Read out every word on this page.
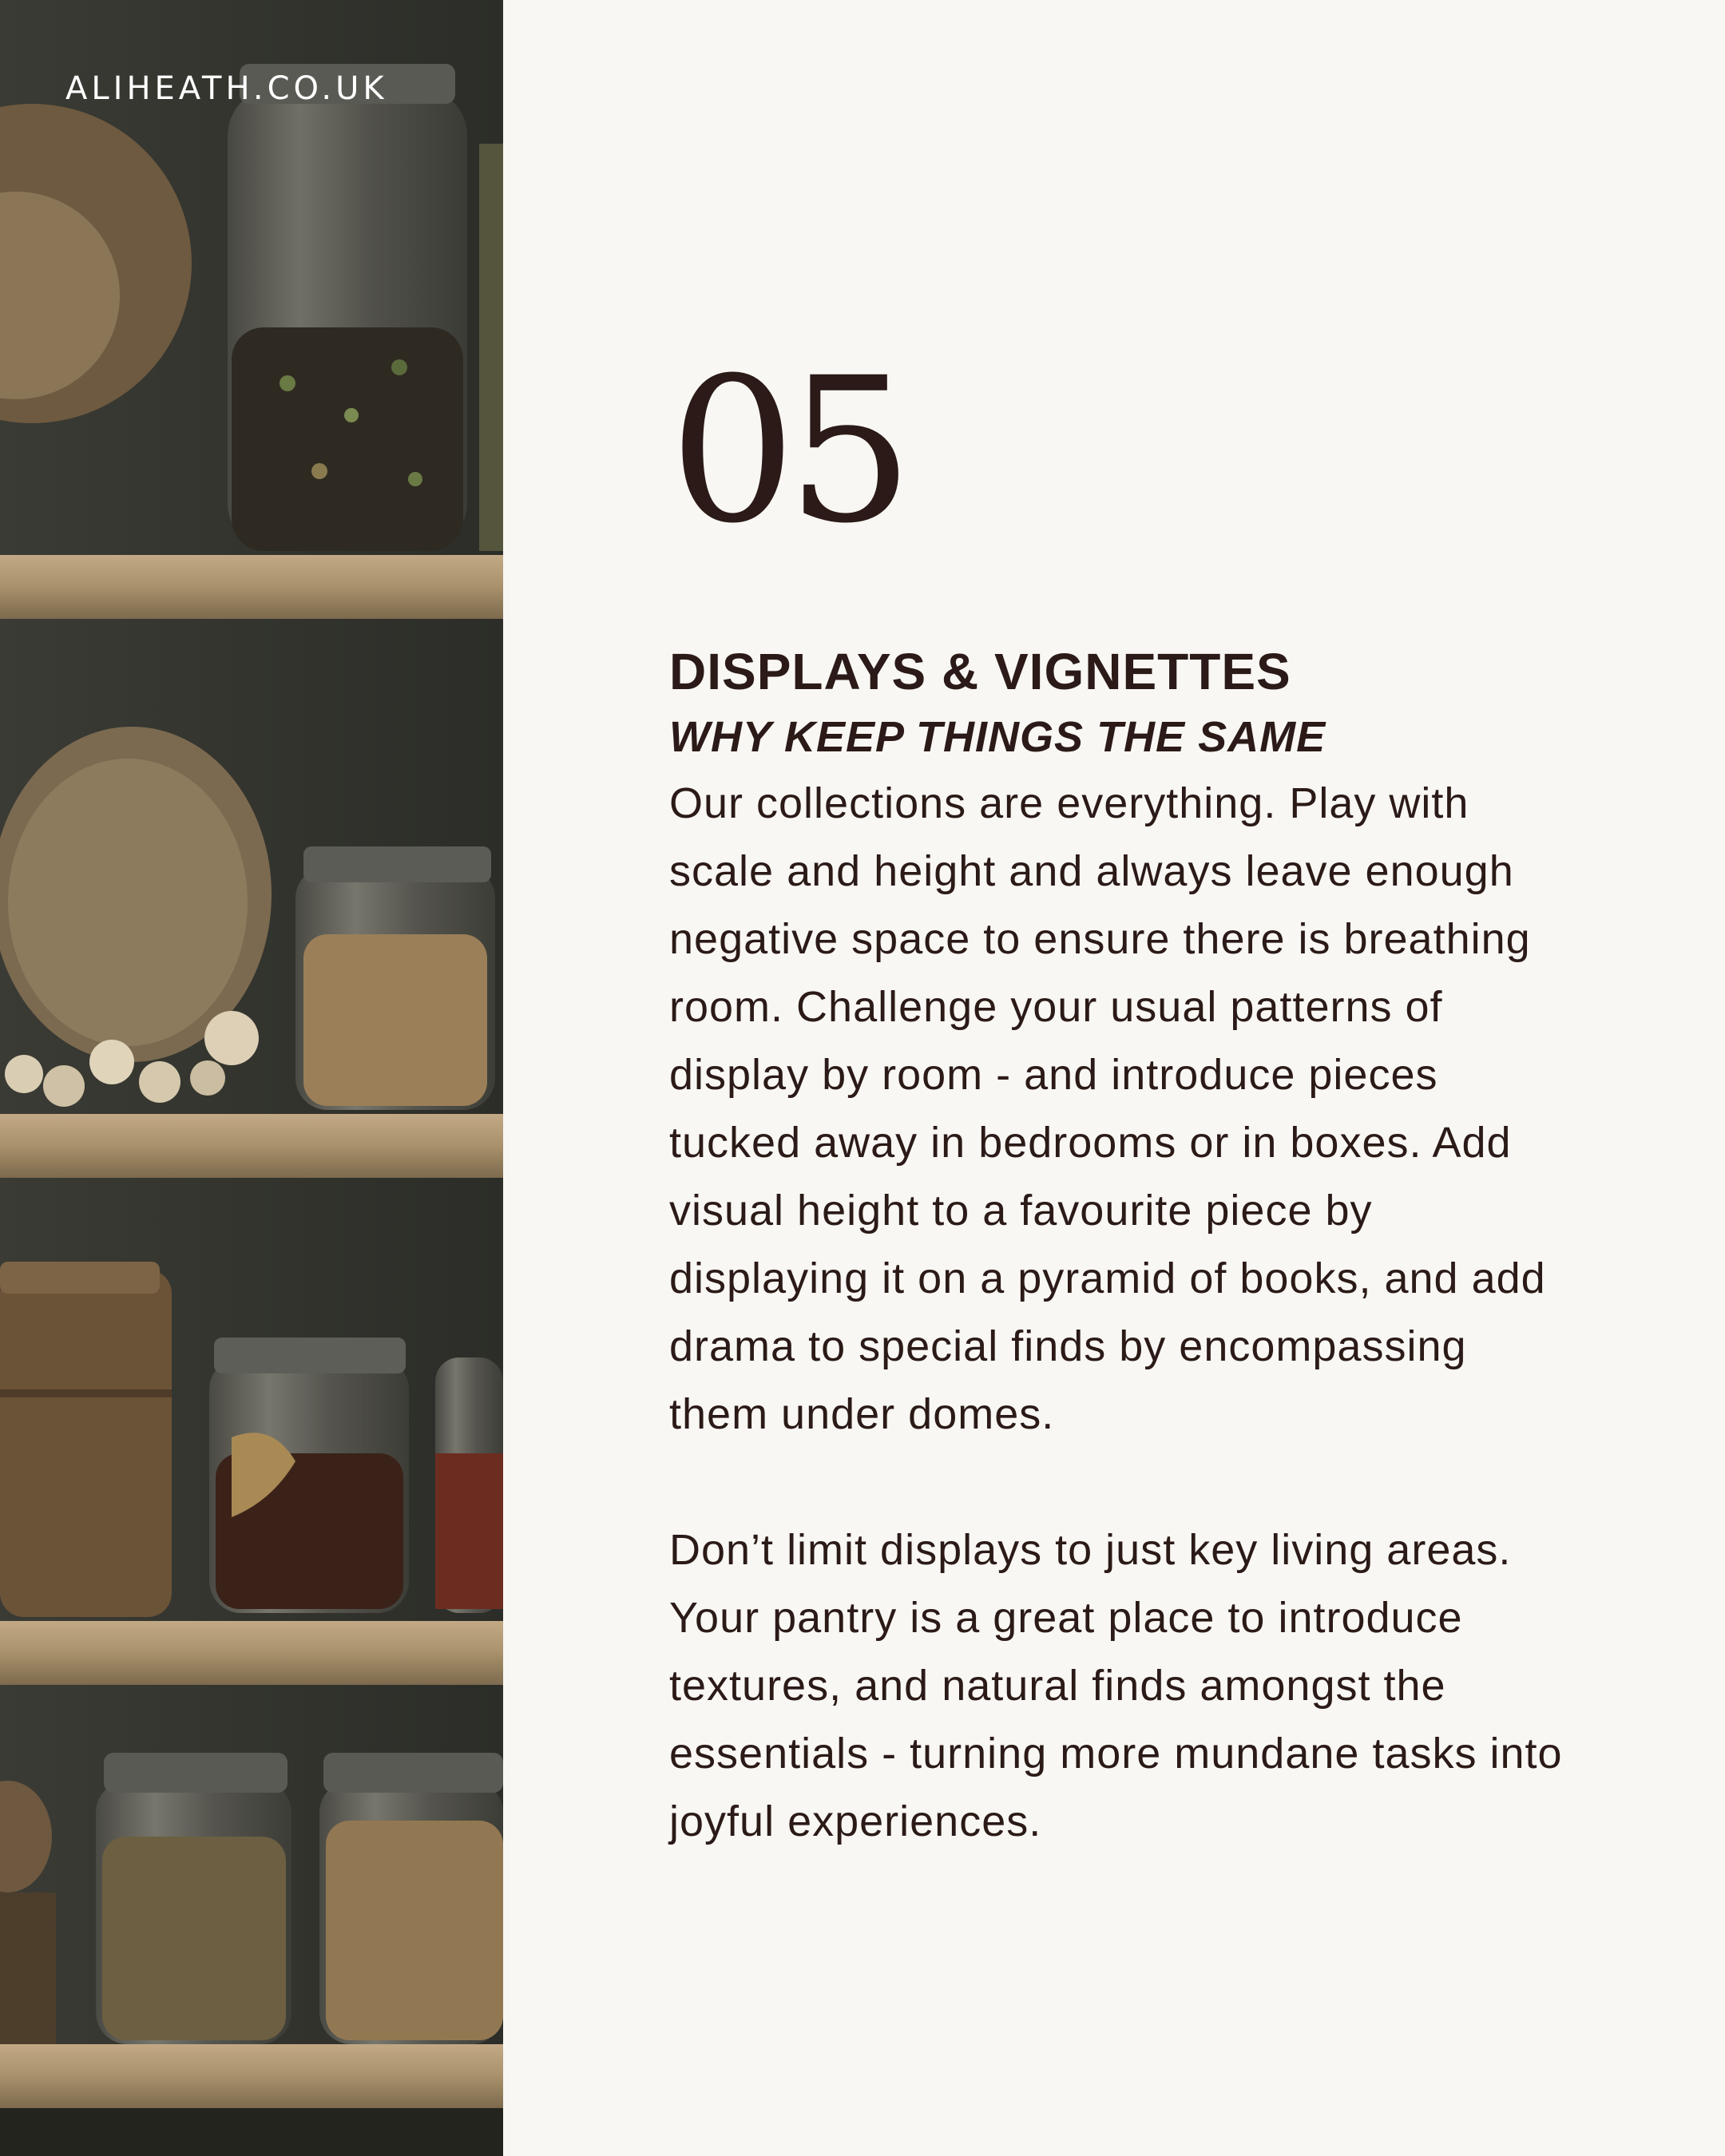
ALIHEATH.CO.UK
05
DISPLAYS & VIGNETTES
WHY KEEP THINGS THE SAME

Our collections are everything. Play with scale and height and always leave enough negative space to ensure there is breathing room. Challenge your usual patterns of display by room - and introduce pieces tucked away in bedrooms or in boxes. Add visual height to a favourite piece by displaying it on a pyramid of books, and add drama to special finds by encompassing them under domes.

Don’t limit displays to just key living areas. Your pantry is a great place to introduce textures, and natural finds amongst the essentials - turning more mundane tasks into joyful experiences.
